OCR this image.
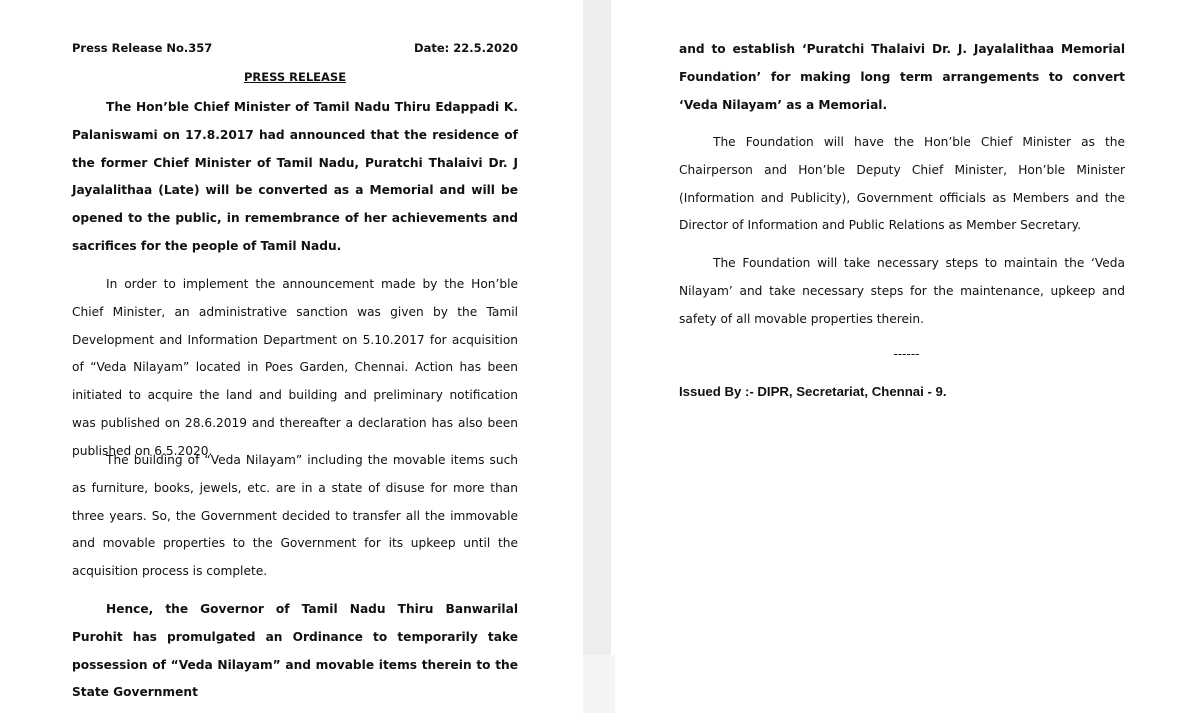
Press Release No.357	Date: 22.5.2020
PRESS RELEASE
The Hon’ble Chief Minister of Tamil Nadu Thiru Edappadi K. Palaniswami on 17.8.2017 had announced that the residence of the former Chief Minister of Tamil Nadu, Puratchi Thalaivi Dr. J Jayalalithaa (Late) will be converted as a Memorial and will be opened to the public, in remembrance of her achievements and sacrifices for the people of Tamil Nadu.
In order to implement the announcement made by the Hon’ble Chief Minister, an administrative sanction was given by the Tamil Development and Information Department on 5.10.2017 for acquisition of “Veda Nilayam” located in Poes Garden, Chennai. Action has been initiated to acquire the land and building and preliminary notification was published on 28.6.2019 and thereafter a declaration has also been published on 6.5.2020.
The building of “Veda Nilayam” including the movable items such as furniture, books, jewels, etc. are in a state of disuse for more than three years. So, the Government decided to transfer all the immovable and movable properties to the Government for its upkeep until the acquisition process is complete.
Hence, the Governor of Tamil Nadu Thiru Banwarilal Purohit has promulgated an Ordinance to temporarily take possession of “Veda Nilayam” and movable items therein to the State Government
and to establish ‘Puratchi Thalaivi Dr. J. Jayalalithaa Memorial Foundation’ for making long term arrangements to convert ‘Veda Nilayam’ as a Memorial.
The Foundation will have the Hon’ble Chief Minister as the Chairperson and Hon’ble Deputy Chief Minister, Hon’ble Minister (Information and Publicity), Government officials as Members and the Director of Information and Public Relations as Member Secretary.
The Foundation will take necessary steps to maintain the ‘Veda Nilayam’ and take necessary steps for the maintenance, upkeep and safety of all movable properties therein.
------
Issued By :- DIPR, Secretariat, Chennai - 9.
